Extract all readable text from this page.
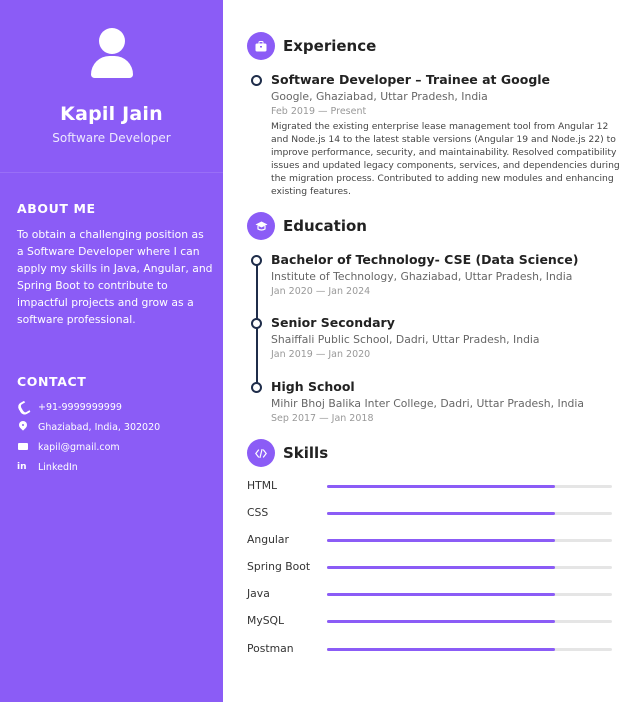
Kapil Jain
Software Developer
ABOUT ME
To obtain a challenging position as a Software Developer where I can apply my skills in Java, Angular, and Spring Boot to contribute to impactful projects and grow as a software professional.
CONTACT
+91-9999999999
Ghaziabad, India, 302020
kapil@gmail.com
in	LinkedIn
Experience
Software Developer – Trainee at Google
Google, Ghaziabad, Uttar Pradesh, India
Feb 2019 — Present
Migrated the existing enterprise lease management tool from Angular 12 and Node.js 14 to the latest stable versions (Angular 19 and Node.js 22) to improve performance, security, and maintainability. Resolved compatibility issues and updated legacy components, services, and dependencies during the migration process. Contributed to adding new modules and enhancing existing features.
Education
Bachelor of Technology- CSE (Data Science)
Institute of Technology, Ghaziabad, Uttar Pradesh, India
Jan 2020 — Jan 2024
Senior Secondary
Shaiffali Public School, Dadri, Uttar Pradesh, India
Jan 2019 — Jan 2020
High School
Mihir Bhoj Balika Inter College, Dadri, Uttar Pradesh, India
Sep 2017 — Jan 2018
Skills
HTML
CSS
Angular
Spring Boot
Java
MySQL
Postman
